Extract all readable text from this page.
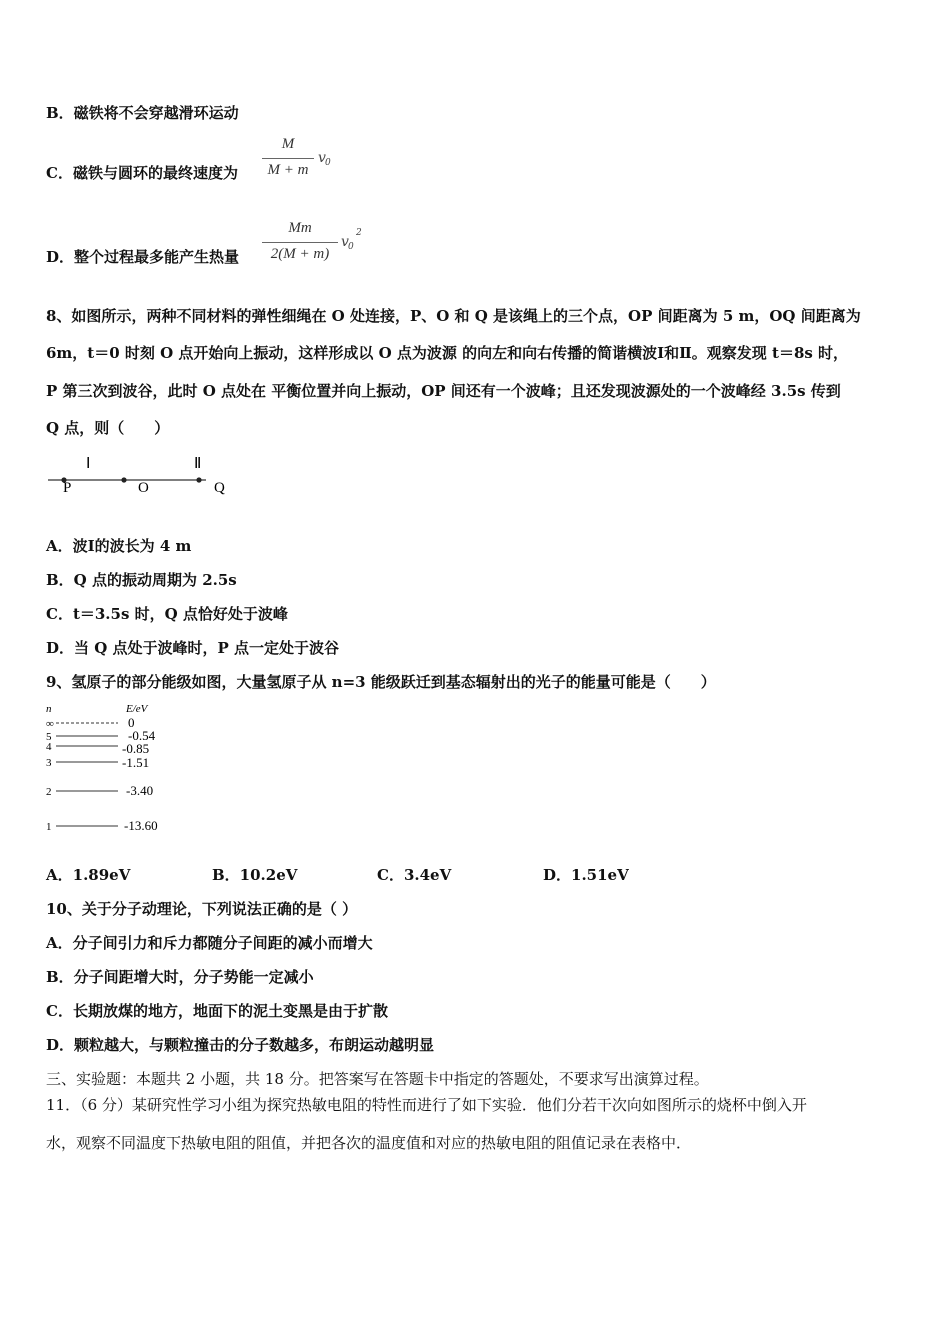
B．磁铁将不会穿越滑环运动
C．磁铁与圆环的最终速度为
M
M + m
v 0
D．整个过程最多能产生热量
Mm
2(M + m)
v 0
2
8、如图所示，两种不同材料的弹性细绳在 O 处连接，P、O 和 Q 是该绳上的三个点，OP 间距离为 5 m，OQ 间距离为
6m，t＝0 时刻 O 点开始向上振动，这样形成以 O 点为波源 的向左和向右传播的简谐横波Ⅰ和Ⅱ。观察发现 t＝8s 时，
P 第三次到波谷，此时 O 点处在 平衡位置并向上振动，OP 间还有一个波峰；且还发现波源处的一个波峰经 3.5s 传到
Q 点，则（　　）
Ⅰ	Ⅱ
P	O	Q
A．波Ⅰ的波长为 4 m
B．Q 点的振动周期为 2.5s
C．t＝3.5s 时，Q 点恰好处于波峰
D．当 Q 点处于波峰时，P 点一定处于波谷
9、氢原子的部分能级如图，大量氢原子从 n=3 能级跃迁到基态辐射出的光子的能量可能是（　　）
n	E/eV
∞	0
5	-0.54
4	-0.85
3	-1.51
2	-3.40
1	-13.60
A．1.89eV	B．10.2eV	C．3.4eV	D．1.51eV
10、关于分子动理论，下列说法正确的是（ ）
A．分子间引力和斥力都随分子间距的减小而增大
B．分子间距增大时，分子势能一定减小
C．长期放煤的地方，地面下的泥土变黑是由于扩散
D．颗粒越大，与颗粒撞击的分子数越多，布朗运动越明显
三、实验题：本题共 2 小题，共 18 分。把答案写在答题卡中指定的答题处，不要求写出演算过程。
11．（6 分）某研究性学习小组为探究热敏电阻的特性而进行了如下实验．他们分若干次向如图所示的烧杯中倒入开
水，观察不同温度下热敏电阻的阻值，并把各次的温度值和对应的热敏电阻的阻值记录在表格中．
